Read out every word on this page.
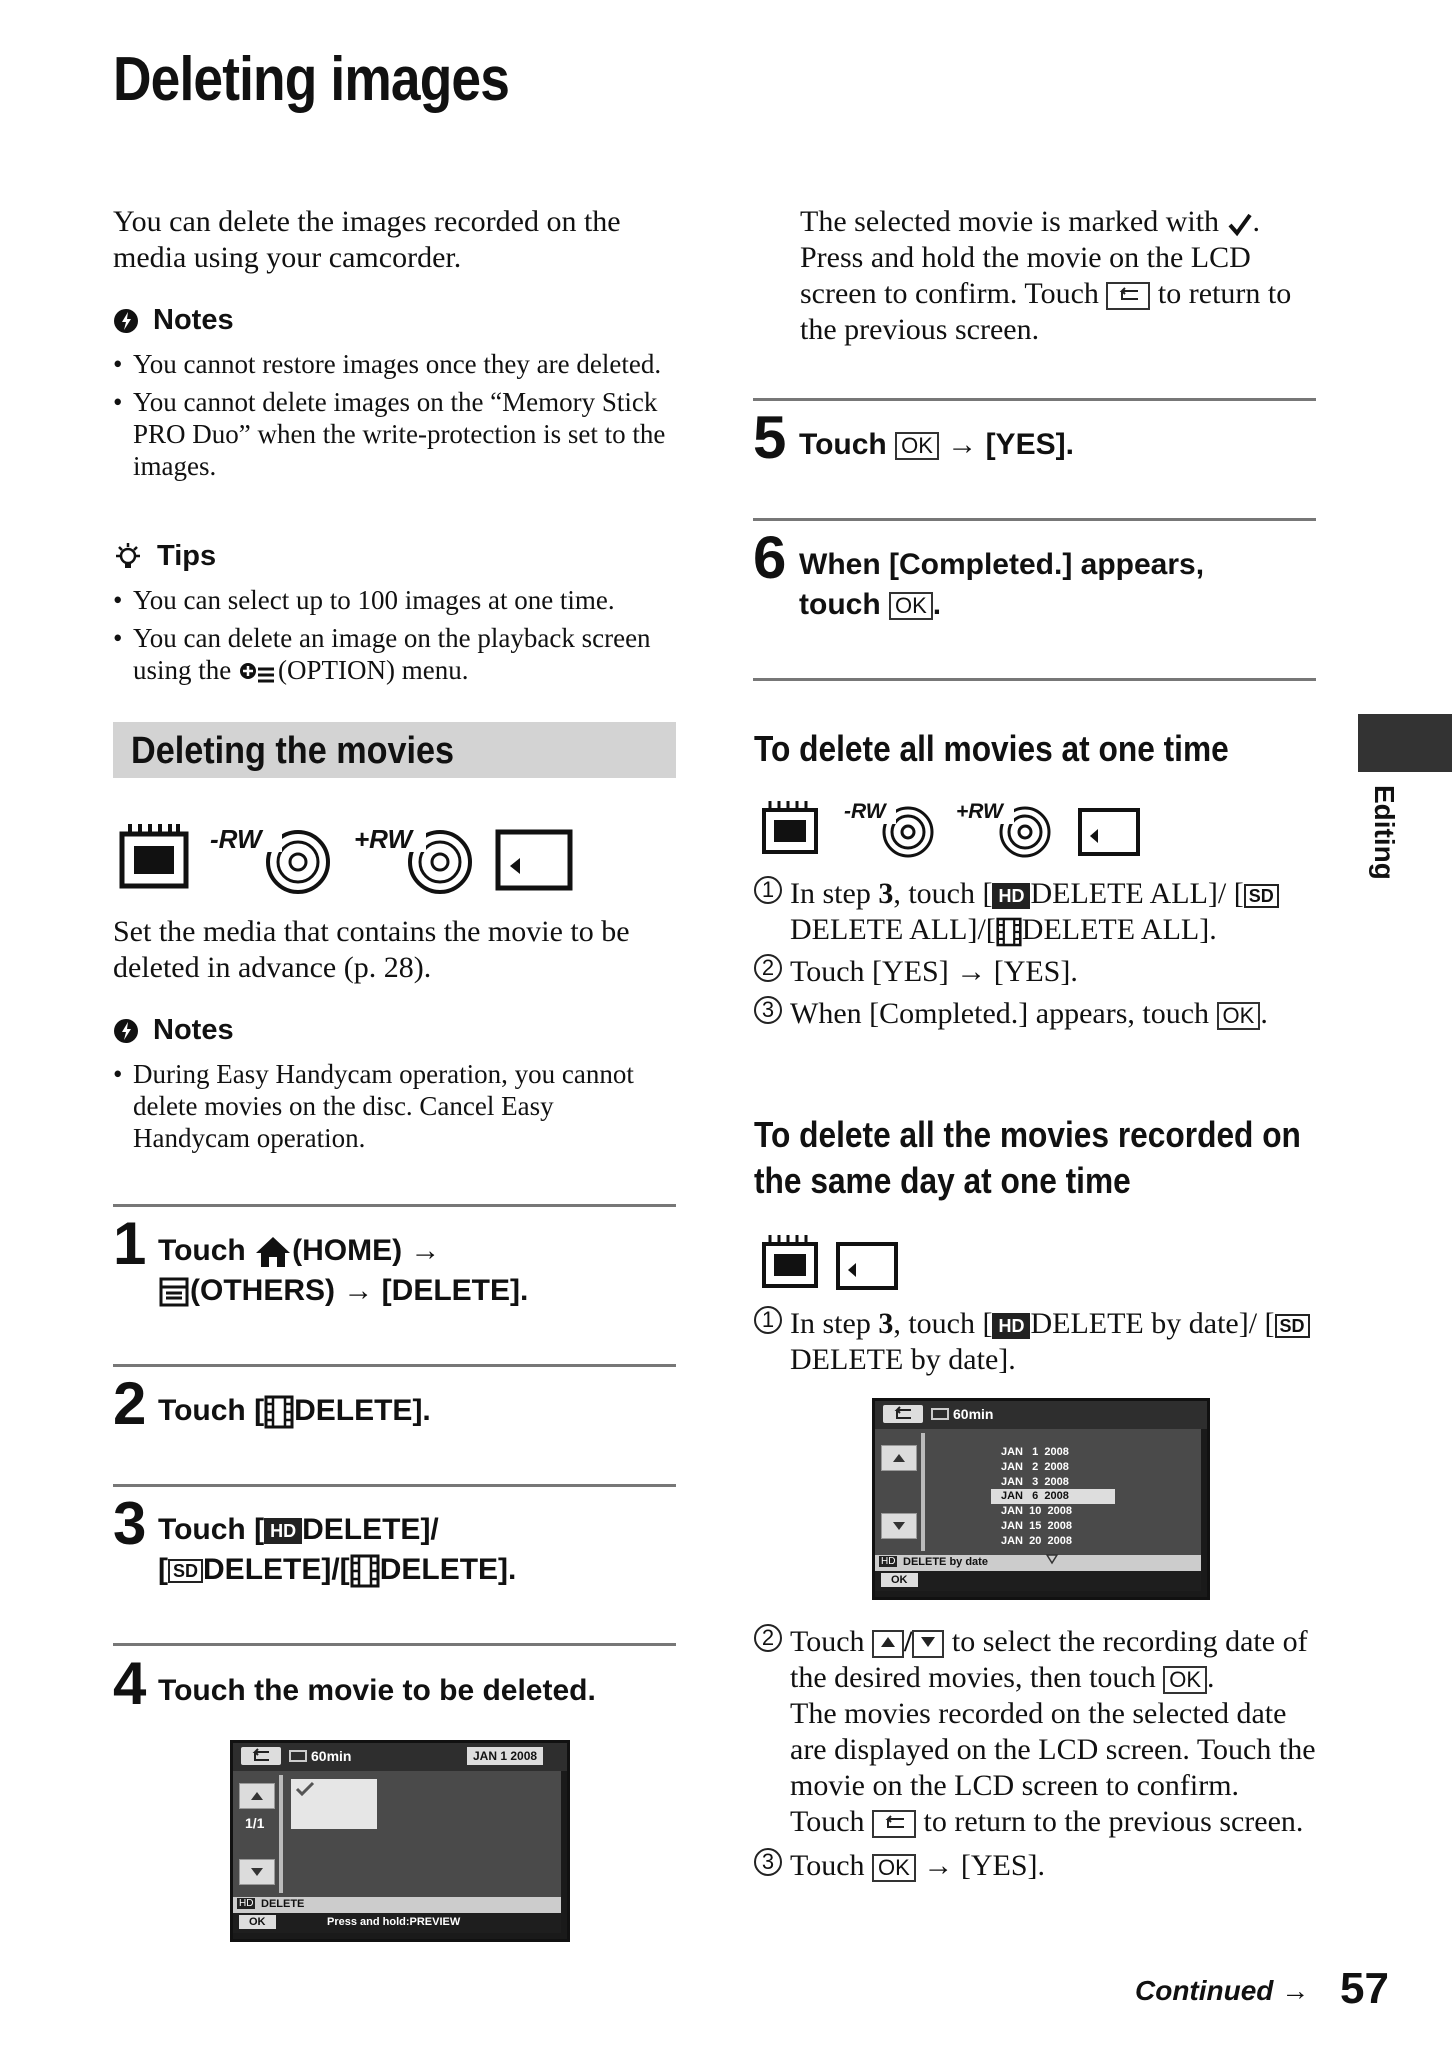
Deleting images
You can delete the images recorded on the media using your camcorder.
Notes
• You cannot restore images once they are deleted.
• You cannot delete images on the “Memory Stick PRO Duo” when the write-protection is set to the images.
Tips
• You can select up to 100 images at one time.
• You can delete an image on the playback screen using the (OPTION) menu.
Deleting the movies
-RW	+RW
Set the media that contains the movie to be deleted in advance (p. 28).
Notes
• During Easy Handycam operation, you cannot delete movies on the disc. Cancel Easy Handycam operation.
1 Touch (HOME) →
(OTHERS) → [DELETE].
2 Touch [ DELETE].
3 Touch [ HD DELETE]/
[ SD DELETE]/[ DELETE].
4 Touch the movie to be deleted.
60min	JAN 1 2008
1/1
HD DELETE
OK	Press and hold:PREVIEW
The selected movie is marked with . Press and hold the movie on the LCD screen to confirm. Touch to return to the previous screen.
5 Touch OK → [YES].
6 When [Completed.] appears,
touch OK .
To delete all movies at one time
-RW	+RW
1 In step 3, touch [ HD DELETE ALL]/ [ SDDELETE ALL]/[ DELETE ALL].
2 Touch [YES] → [YES].
3 When [Completed.] appears, touch OK .
To delete all the movies recorded on
the same day at one time
1 In step 3, touch [ HD DELETE by date]/ [ SDDELETE by date].
60min
JAN   1  2008
JAN   2  2008
JAN   3  2008
JAN   6  2008
JAN  10  2008
JAN  15  2008
JAN  20  2008
HD DELETE by date
OK
2 Touch / to select the recording date of the desired movies, then touch OK .
The movies recorded on the selected date are displayed on the LCD screen. Touch the movie on the LCD screen to confirm. Touch to return to the previous screen.
3 Touch OK → [YES].
Editing
Continued → 57
